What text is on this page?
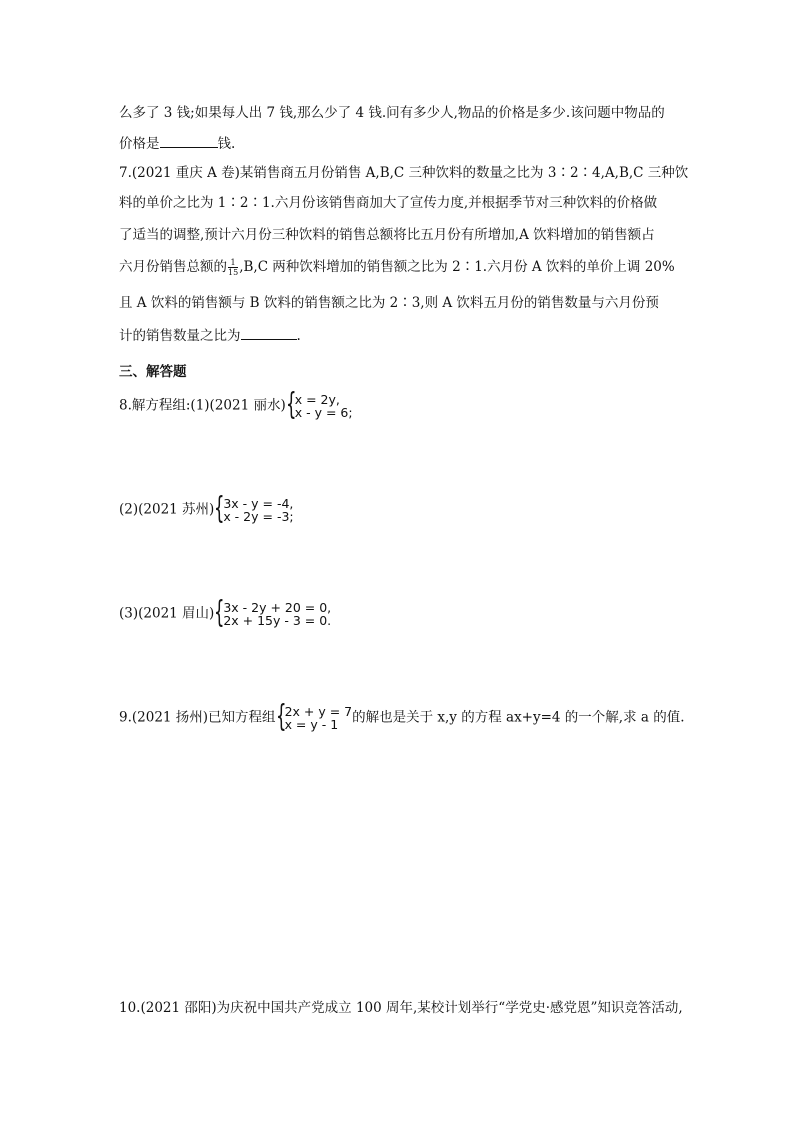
么多了 3 钱;如果每人出 7 钱,那么少了 4 钱.问有多少人,物品的价格是多少.该问题中物品的
价格是	钱.
7.(2021 重庆 A 卷)某销售商五月份销售 A,B,C 三种饮料的数量之比为 3∶2∶4,A,B,C 三种饮
料的单价之比为 1∶2∶1.六月份该销售商加大了宣传力度,并根据季节对三种饮料的价格做
了适当的调整,预计六月份三种饮料的销售总额将比五月份有所增加,A 饮料增加的销售额占
六月份销售总额的 $\frac{1}{15} ,B,C$ 两种饮料增加的销售额之比为 2∶1.六月份 A 饮料的单价上调 20%
且 A 饮料的销售额与 B 饮料的销售额之比为 2∶3,则 A 饮料五月份的销售数量与六月份预
计的销售数量之比为	.
三、解答题
8.解方程组:(1)(2021 丽水) {
x = 2y,
x - y = 6;
(2)(2021 苏州) {
3x - y = -4,
x - 2y = -3;
(3)(2021 眉山) {
3x - 2y + 20 = 0,
2x + 15y - 3 = 0.
9.(2021 扬州)已知方程组 {
2x + y = 7
x = y - 1	的解也是关于 x,y 的方程 ax+y=4 的一个解,求 a 的值.
10.(2021 邵阳)为庆祝中国共产党成立 100 周年,某校计划举行“学党史·感党恩”知识竞答活动,
